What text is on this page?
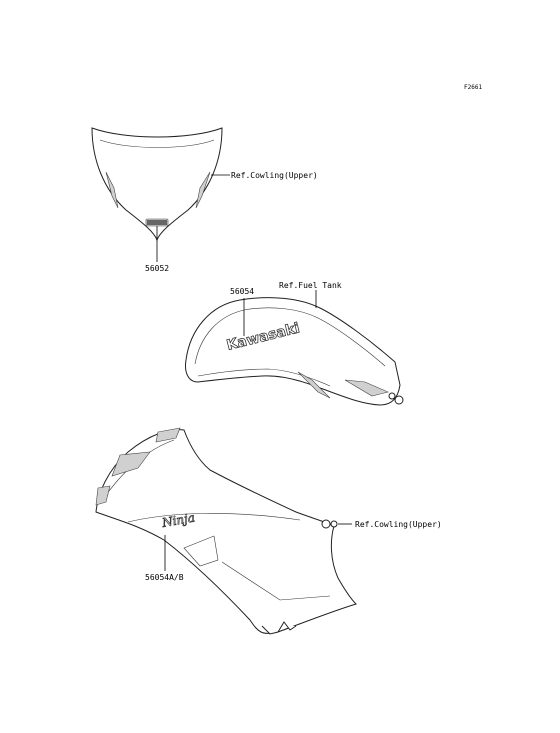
F2661
Ref.Cowling(Upper)
56052
Kawasaki
56054
Ref.Fuel Tank
Ninja	Ref.Cowling(Upper)
56054A/B
